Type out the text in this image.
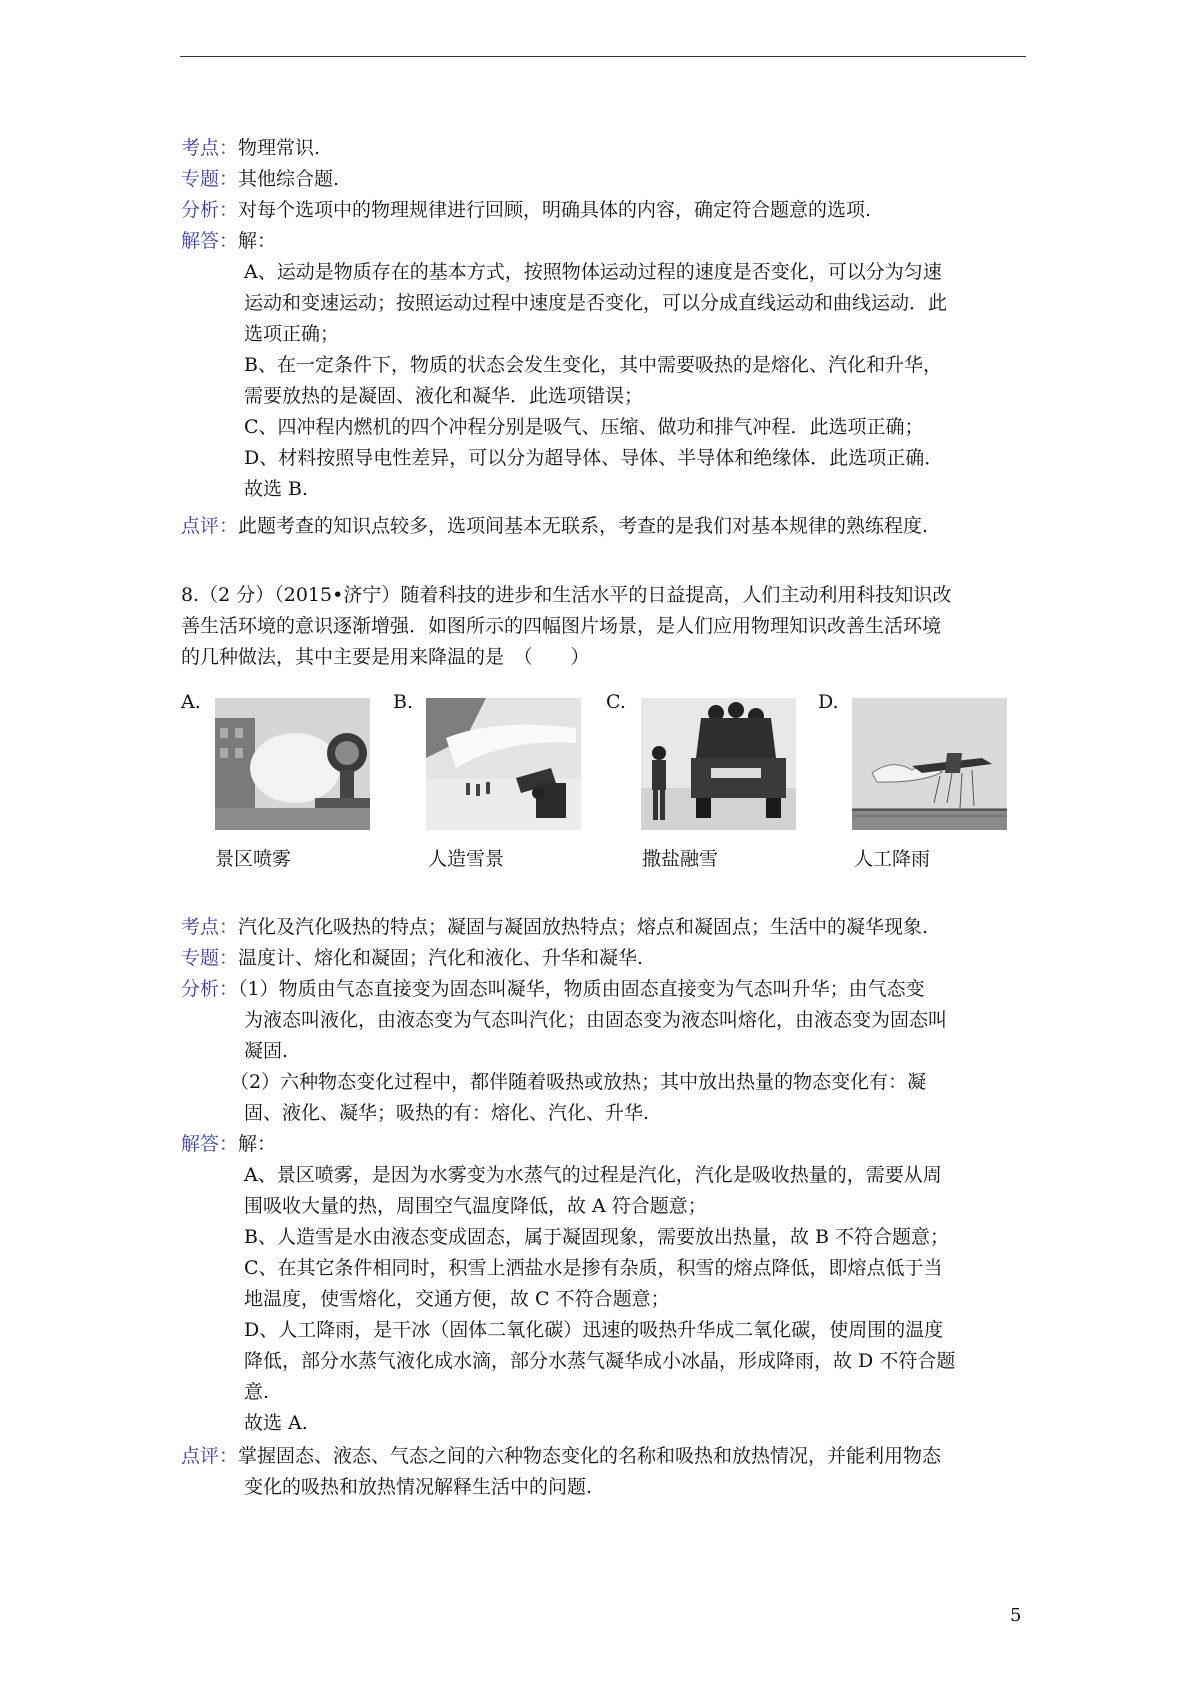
考点：物理常识.
专题：其他综合题.
分析：对每个选项中的物理规律进行回顾，明确具体的内容，确定符合题意的选项.
解答：解：
A、运动是物质存在的基本方式，按照物体运动过程的速度是否变化，可以分为匀速
运动和变速运动；按照运动过程中速度是否变化，可以分成直线运动和曲线运动．此
选项正确；
B、在一定条件下，物质的状态会发生变化，其中需要吸热的是熔化、汽化和升华，
需要放热的是凝固、液化和凝华．此选项错误；
C、四冲程内燃机的四个冲程分别是吸气、压缩、做功和排气冲程．此选项正确；
D、材料按照导电性差异，可以分为超导体、导体、半导体和绝缘体．此选项正确．
故选 B.
点评：此题考查的知识点较多，选项间基本无联系，考查的是我们对基本规律的熟练程度.
8.（2 分）（2015•济宁）随着科技的进步和生活水平的日益提高，人们主动利用科技知识改
善生活环境的意识逐渐增强．如图所示的四幅图片场景，是人们应用物理知识改善生活环境
的几种做法，其中主要是用来降温的是　（　　）
A.
景区喷雾
B.
人造雪景
C.
撒盐融雪
D.
人工降雨
考点：汽化及汽化吸热的特点；凝固与凝固放热特点；熔点和凝固点；生活中的凝华现象.
专题：温度计、熔化和凝固；汽化和液化、升华和凝华.
分析：（1）物质由气态直接变为固态叫凝华，物质由固态直接变为气态叫升华；由气态变
为液态叫液化，由液态变为气态叫汽化；由固态变为液态叫熔化，由液态变为固态叫
凝固.
（2）六种物态变化过程中，都伴随着吸热或放热；其中放出热量的物态变化有：凝
固、液化、凝华；吸热的有：熔化、汽化、升华.
解答：解：
A、景区喷雾，是因为水雾变为水蒸气的过程是汽化，汽化是吸收热量的，需要从周
围吸收大量的热，周围空气温度降低，故 A 符合题意；
B、人造雪是水由液态变成固态，属于凝固现象，需要放出热量，故 B 不符合题意；
C、在其它条件相同时，积雪上洒盐水是掺有杂质，积雪的熔点降低，即熔点低于当
地温度，使雪熔化，交通方便，故 C 不符合题意；
D、人工降雨，是干冰（固体二氧化碳）迅速的吸热升华成二氧化碳，使周围的温度
降低，部分水蒸气液化成水滴，部分水蒸气凝华成小冰晶，形成降雨，故 D 不符合题
意.
故选 A.
点评：掌握固态、液态、气态之间的六种物态变化的名称和吸热和放热情况，并能利用物态
变化的吸热和放热情况解释生活中的问题.
5
